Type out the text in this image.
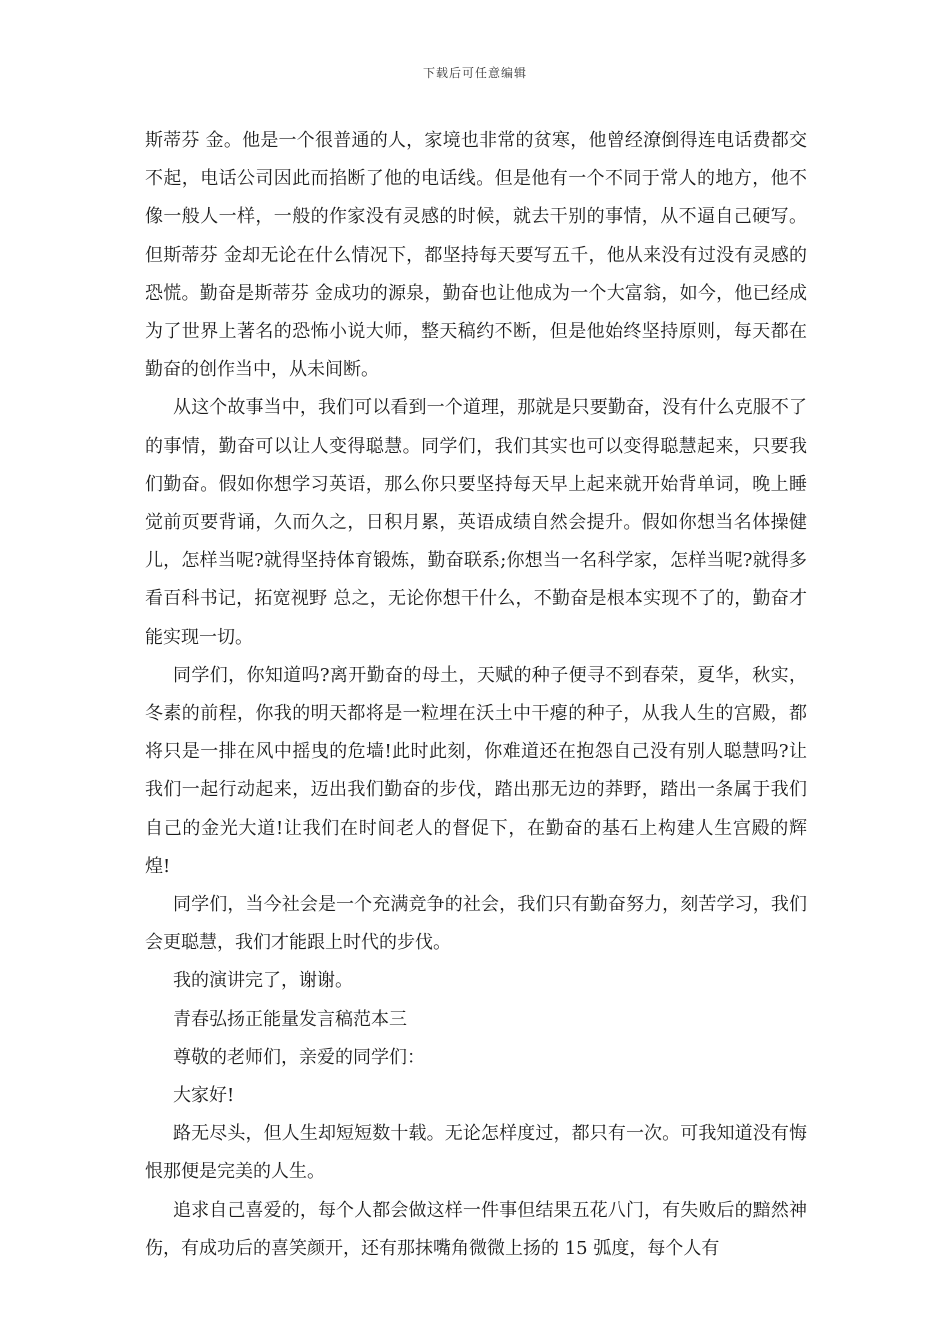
下载后可任意编辑

斯蒂芬 金。他是一个很普通的人，家境也非常的贫寒，他曾经潦倒得连电话费都交不起，电话公司因此而掐断了他的电话线。但是他有一个不同于常人的地方，他不像一般人一样，一般的作家没有灵感的时候，就去干别的事情，从不逼自己硬写。但斯蒂芬 金却无论在什么情况下，都坚持每天要写五千，他从来没有过没有灵感的恐慌。勤奋是斯蒂芬 金成功的源泉，勤奋也让他成为一个大富翁，如今，他已经成为了世界上著名的恐怖小说大师，整天稿约不断，但是他始终坚持原则，每天都在勤奋的创作当中，从未间断。

从这个故事当中，我们可以看到一个道理，那就是只要勤奋，没有什么克服不了的事情，勤奋可以让人变得聪慧。同学们，我们其实也可以变得聪慧起来，只要我们勤奋。假如你想学习英语，那么你只要坚持每天早上起来就开始背单词，晚上睡觉前页要背诵，久而久之，日积月累，英语成绩自然会提升。假如你想当名体操健儿，怎样当呢?就得坚持体育锻炼，勤奋联系;你想当一名科学家，怎样当呢?就得多看百科书记，拓宽视野 总之，无论你想干什么，不勤奋是根本实现不了的，勤奋才能实现一切。

同学们，你知道吗?离开勤奋的母土，天赋的种子便寻不到春荣，夏华，秋实，冬素的前程，你我的明天都将是一粒埋在沃土中干瘪的种子，从我人生的宫殿，都将只是一排在风中摇曳的危墙!此时此刻，你难道还在抱怨自己没有别人聪慧吗?让我们一起行动起来，迈出我们勤奋的步伐，踏出那无边的莽野，踏出一条属于我们自己的金光大道!让我们在时间老人的督促下，在勤奋的基石上构建人生宫殿的辉煌!

同学们，当今社会是一个充满竞争的社会，我们只有勤奋努力，刻苦学习，我们会更聪慧，我们才能跟上时代的步伐。

我的演讲完了，谢谢。

青春弘扬正能量发言稿范本三

尊敬的老师们，亲爱的同学们：

大家好!

路无尽头，但人生却短短数十载。无论怎样度过，都只有一次。可我知道没有悔恨那便是完美的人生。

追求自己喜爱的，每个人都会做这样一件事但结果五花八门，有失败后的黯然神伤，有成功后的喜笑颜开，还有那抹嘴角微微上扬的 15 弧度，每个人有
